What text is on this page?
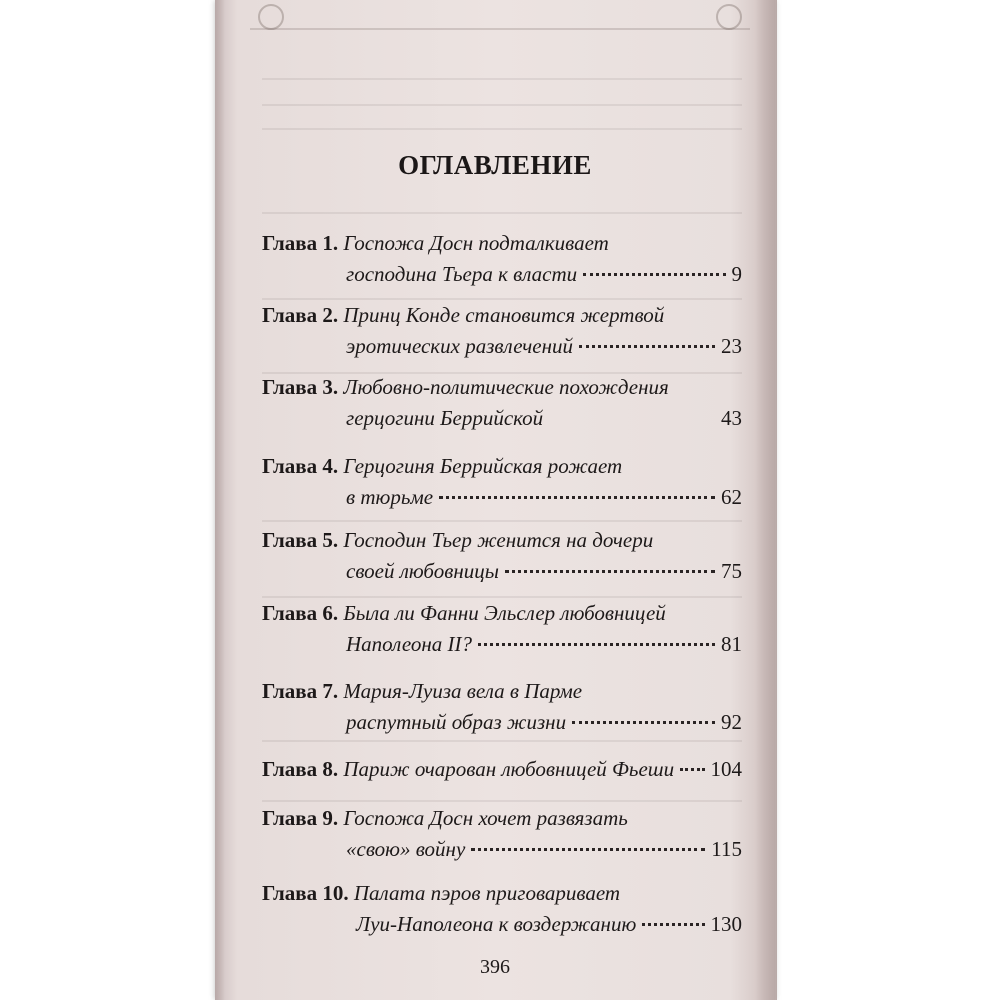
ОГЛАВЛЕНИЕ
Глава 1.
Госпожа Досн подталкивает
господина Тьера к власти	9
Глава 2.
Принц Конде становится жертвой
эротических развлечений	23
Глава 3.
Любовно-политические похождения
герцогини Беррийской	43
Глава 4.
Герцогиня Беррийская рожает
в тюрьме	62
Глава 5.
Господин Тьер женится на дочери
своей любовницы	75
Глава 6.
Была ли Фанни Эльслер любовницей
Наполеона II?	81
Глава 7.
Мария-Луиза вела в Парме
распутный образ жизни	92
Глава 8.
Париж очарован любовницей Фьеши 104
Глава 9.
Госпожа Досн хочет развязать
«свою» войну	115
Глава 10.
Палата пэров приговаривает
Луи-Наполеона к воздержанию	130
396
